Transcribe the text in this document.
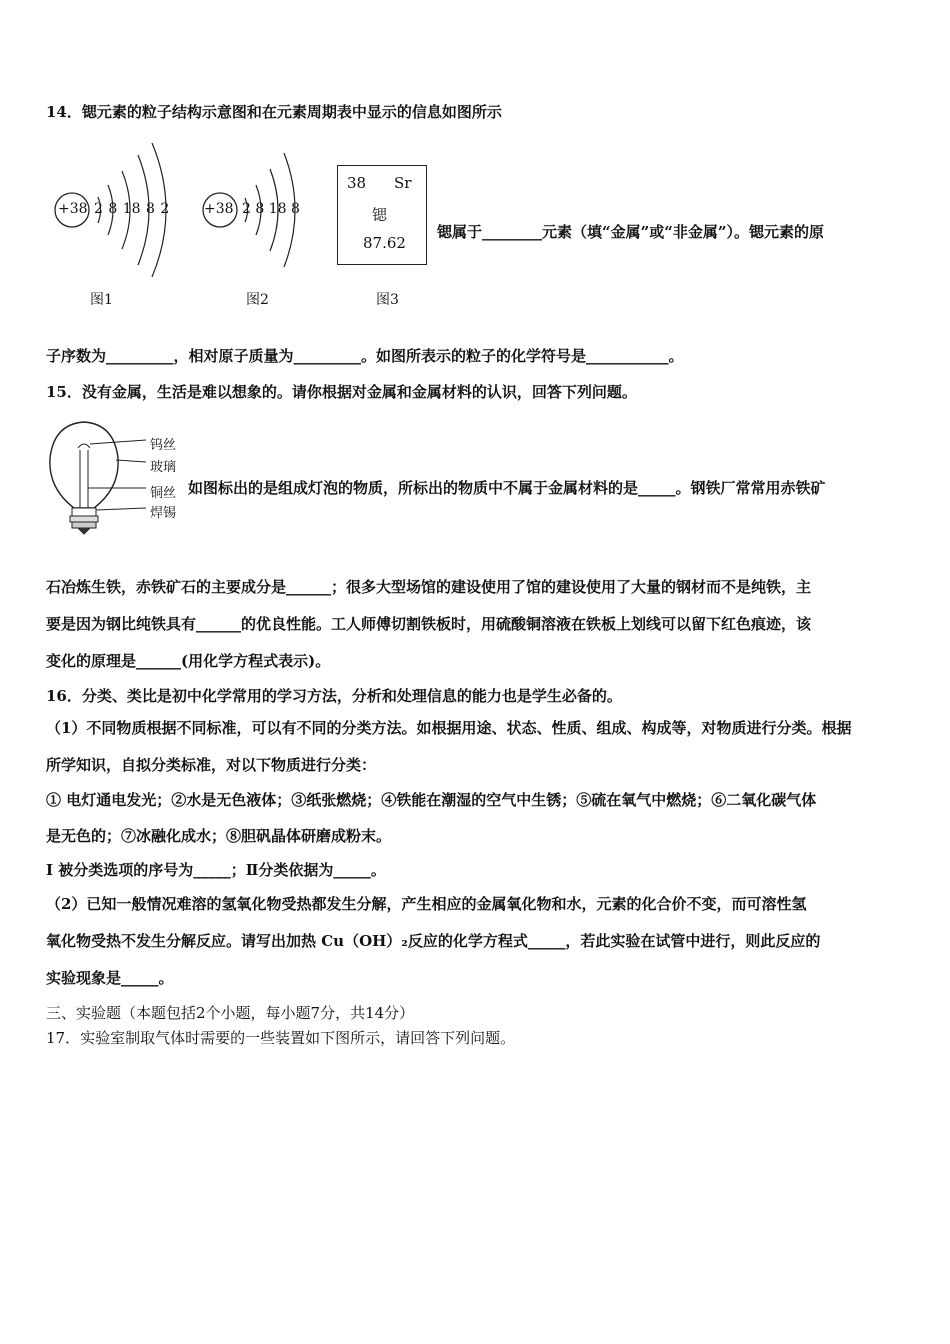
14．锶元素的粒子结构示意图和在元素周期表中显示的信息如图所示
+38 2 8 18 8 2
图1
+38 2 8 18 8
图2
38 Sr
锶
87.62
图3
锶属于________元素（填“金属”或“非金属”）。锶元素的原
子序数为_________，相对原子质量为_________。如图所表示的粒子的化学符号是___________。
15．没有金属，生活是难以想象的。请你根据对金属和金属材料的认识，回答下列问题。
钨丝
玻璃
铜丝
焊锡
如图标出的是组成灯泡的物质，所标出的物质中不属于金属材料的是_____。钢铁厂常常用赤铁矿
石冶炼生铁，赤铁矿石的主要成分是______；很多大型场馆的建设使用了馆的建设使用了大量的钢材而不是纯铁，主
要是因为钢比纯铁具有______的优良性能。工人师傅切割铁板时，用硫酸铜溶液在铁板上划线可以留下红色痕迹，该
变化的原理是______(用化学方程式表示)。
16．分类、类比是初中化学常用的学习方法，分析和处理信息的能力也是学生必备的。
（1）不同物质根据不同标准，可以有不同的分类方法。如根据用途、状态、性质、组成、构成等，对物质进行分类。根据
所学知识，自拟分类标准，对以下物质进行分类：
① 电灯通电发光；②水是无色液体；③纸张燃烧；④铁能在潮湿的空气中生锈；⑤硫在氧气中燃烧；⑥二氧化碳气体
是无色的；⑦冰融化成水；⑧胆矾晶体研磨成粉末。
I 被分类选项的序号为_____；Ⅱ分类依据为_____。
（2）已知一般情况难溶的氢氧化物受热都发生分解，产生相应的金属氧化物和水，元素的化合价不变，而可溶性氢
氧化物受热不发生分解反应。请写出加热 Cu（OH）₂反应的化学方程式_____，若此实验在试管中进行，则此反应的
实验现象是_____。
三、实验题（本题包括2个小题，每小题7分，共14分）
17．实验室制取气体时需要的一些装置如下图所示，请回答下列问题。
